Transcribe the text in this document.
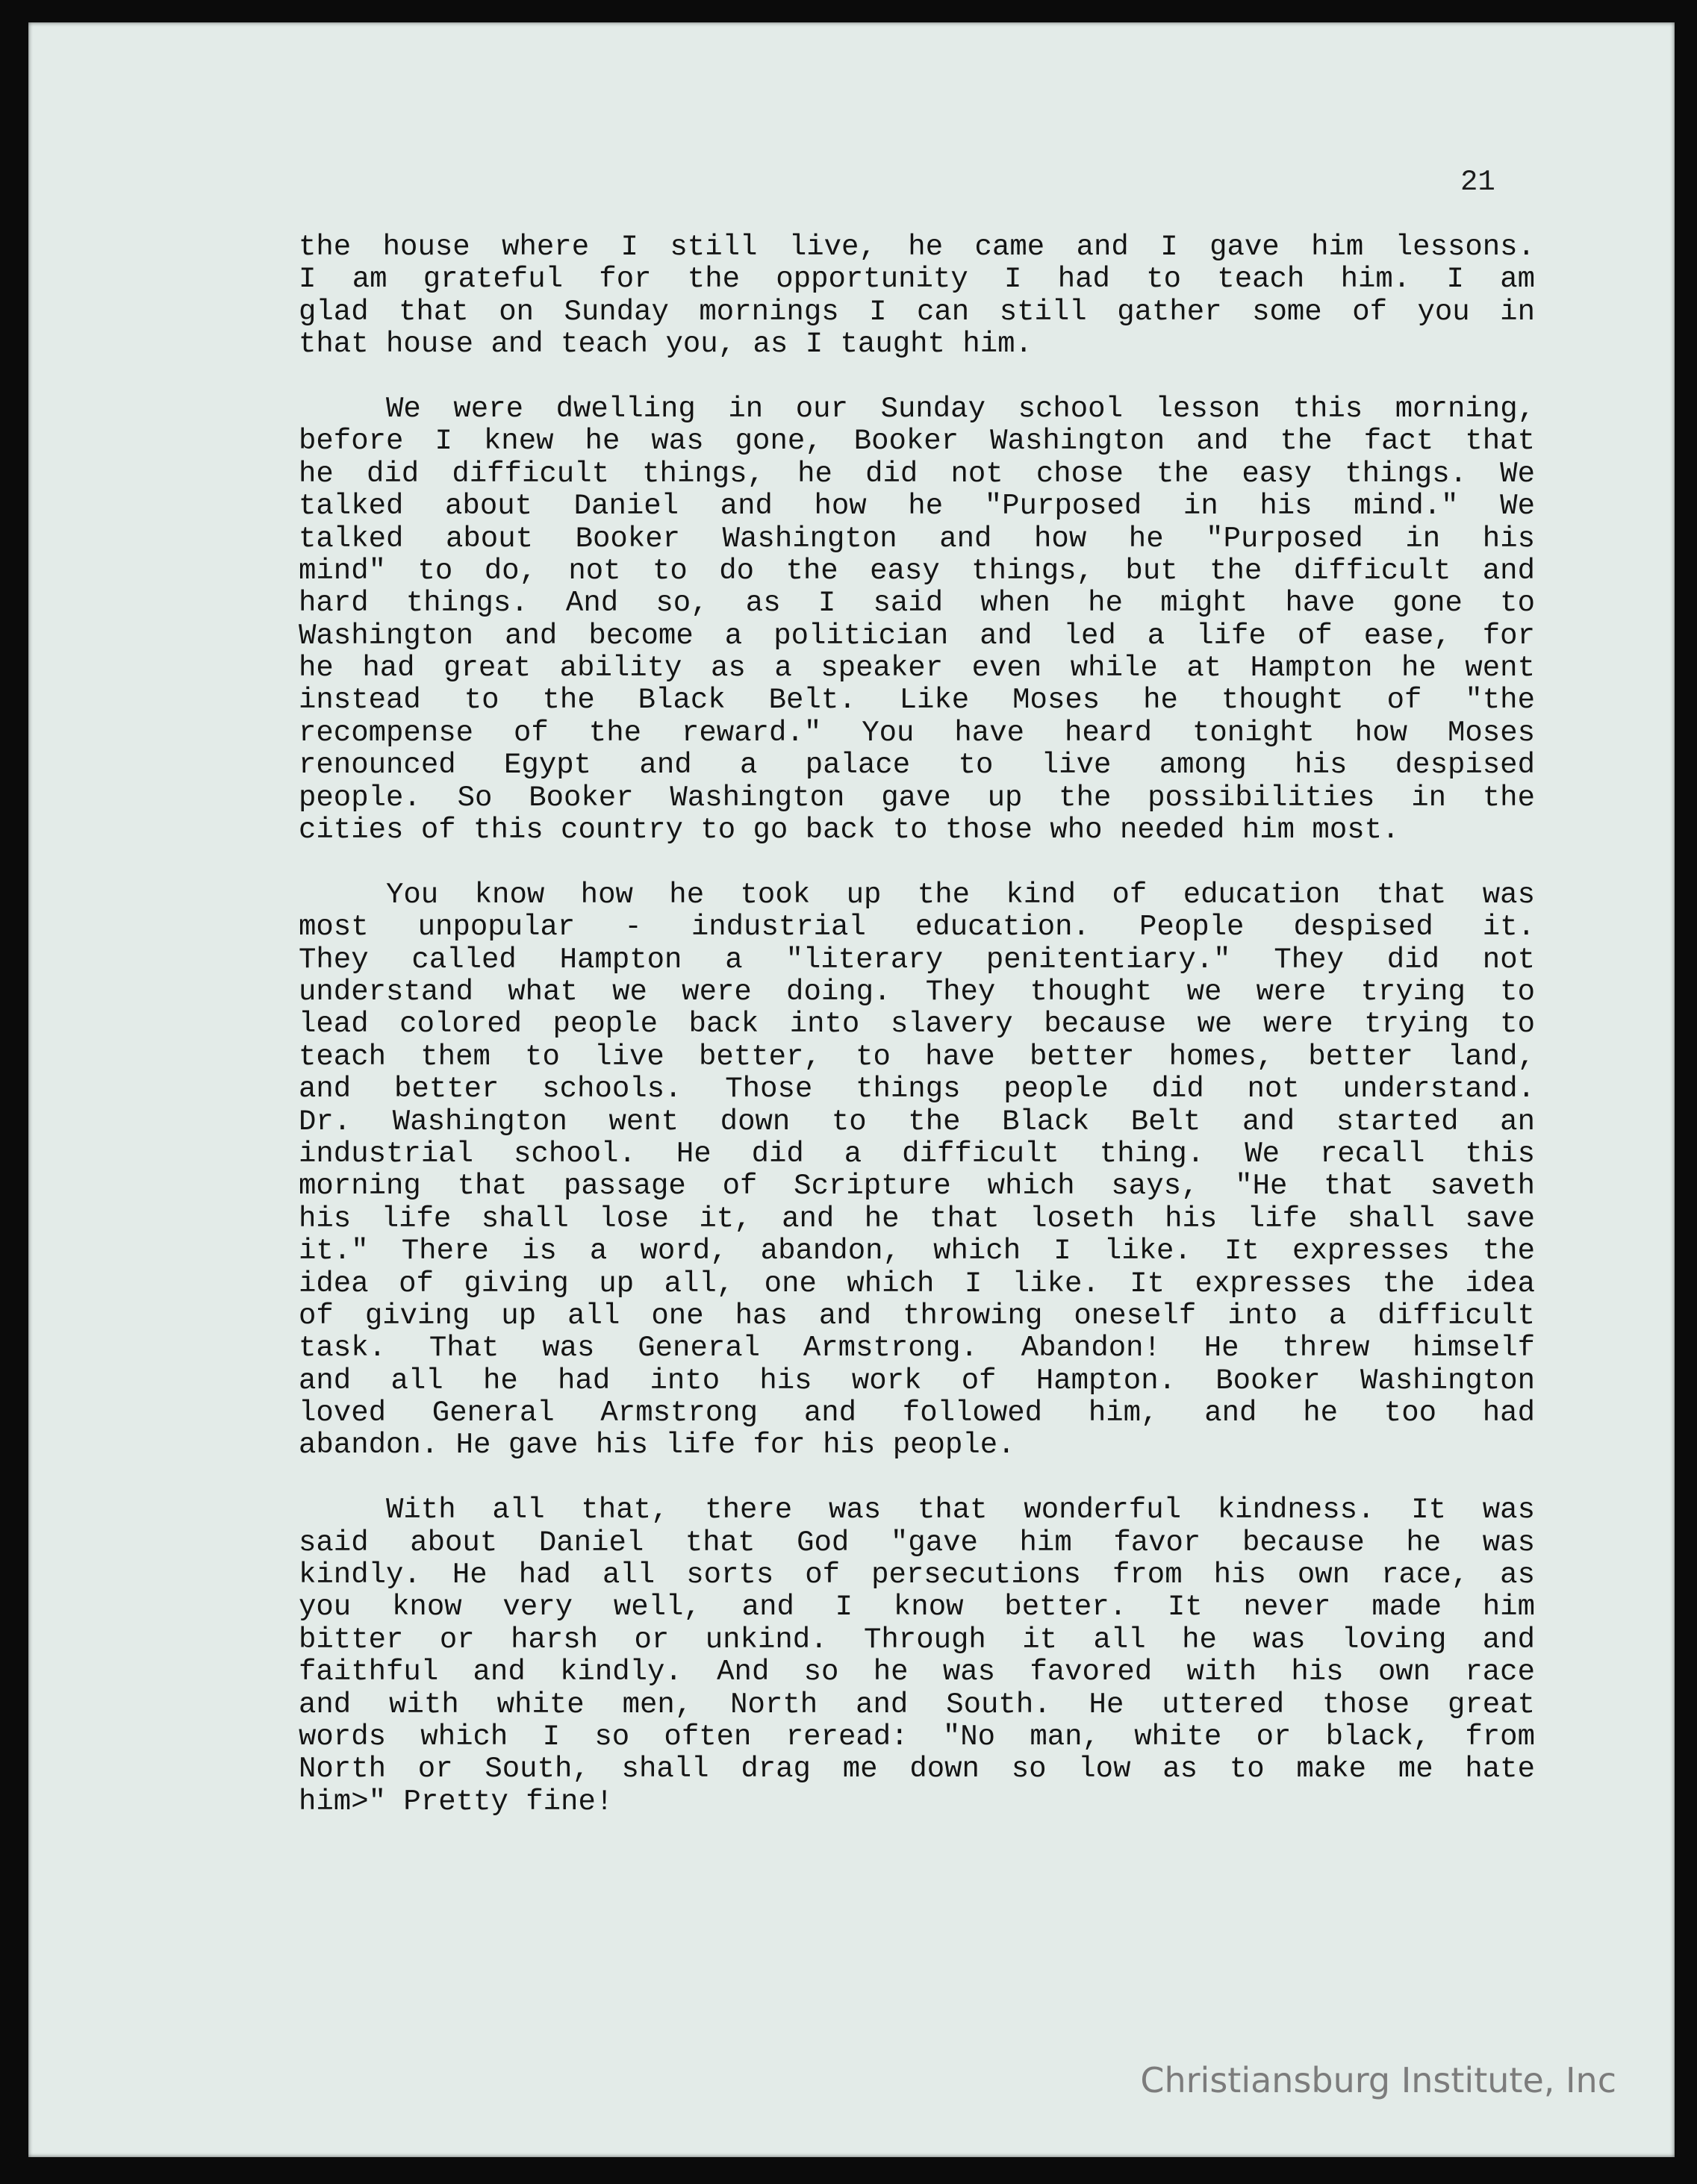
21
the house where I still live, he came and I gave him lessons.
I am grateful for the opportunity I had to teach him. I am
glad that on Sunday mornings I can still gather some of you in
that house and teach you, as I taught him.
We were dwelling in our Sunday school lesson this morning,
before I knew he was gone, Booker Washington and the fact that
he did difficult things, he did not chose the easy things. We
talked about Daniel and how he "Purposed in his mind." We
talked about Booker Washington and how he "Purposed in his
mind" to do, not to do the easy things, but the difficult and
hard things. And so, as I said when he might have gone to
Washington and become a politician and led a life of ease, for
he had great ability as a speaker even while at Hampton he went
instead to the Black Belt. Like Moses he thought of "the
recompense of the reward." You have heard tonight how Moses
renounced Egypt and a palace to live among his despised
people. So Booker Washington gave up the possibilities in the
cities of this country to go back to those who needed him most.
You know how he took up the kind of education that was
most unpopular - industrial education. People despised it.
They called Hampton a "literary penitentiary." They did not
understand what we were doing. They thought we were trying to
lead colored people back into slavery because we were trying to
teach them to live better, to have better homes, better land,
and better schools. Those things people did not understand.
Dr. Washington went down to the Black Belt and started an
industrial school. He did a difficult thing. We recall this
morning that passage of Scripture which says, "He that saveth
his life shall lose it, and he that loseth his life shall save
it." There is a word, abandon, which I like. It expresses the
idea of giving up all, one which I like. It expresses the idea
of giving up all one has and throwing oneself into a difficult
task. That was General Armstrong. Abandon! He threw himself
and all he had into his work of Hampton. Booker Washington
loved General Armstrong and followed him, and he too had
abandon. He gave his life for his people.
With all that, there was that wonderful kindness. It was
said about Daniel that God "gave him favor because he was
kindly. He had all sorts of persecutions from his own race, as
you know very well, and I know better. It never made him
bitter or harsh or unkind. Through it all he was loving and
faithful and kindly. And so he was favored with his own race
and with white men, North and South. He uttered those great
words which I so often reread: "No man, white or black, from
North or South, shall drag me down so low as to make me hate
him>" Pretty fine!
Christiansburg Institute, Inc
